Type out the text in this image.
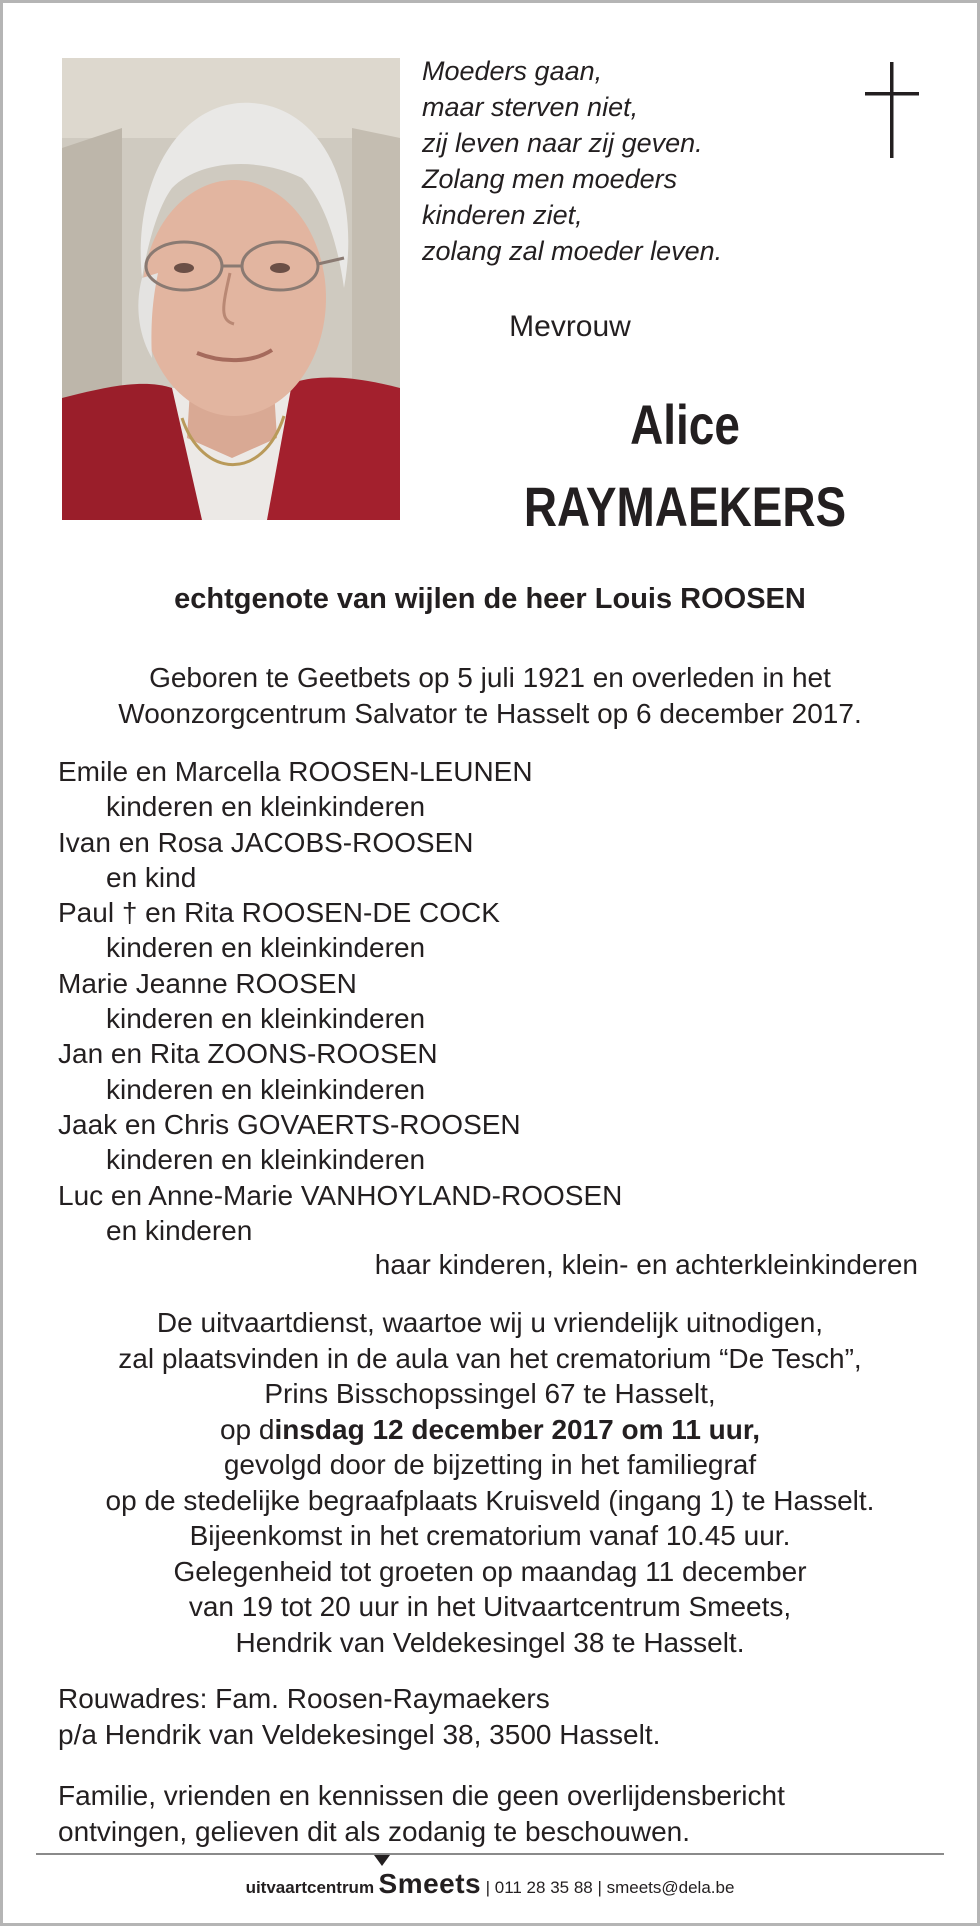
Moeders gaan,
maar sterven niet,
zij leven naar zij geven.
Zolang men moeders
kinderen ziet,
zolang zal moeder leven.
Mevrouw
Alice
RAYMAEKERS
echtgenote van wijlen de heer Louis ROOSEN
Geboren te Geetbets op 5 juli 1921 en overleden in het
Woonzorgcentrum Salvator te Hasselt op 6 december 2017.
Emile en Marcella ROOSEN-LEUNEN
kinderen en kleinkinderen
Ivan en Rosa JACOBS-ROOSEN
en kind
Paul † en Rita ROOSEN-DE COCK
kinderen en kleinkinderen
Marie Jeanne ROOSEN
kinderen en kleinkinderen
Jan en Rita ZOONS-ROOSEN
kinderen en kleinkinderen
Jaak en Chris GOVAERTS-ROOSEN
kinderen en kleinkinderen
Luc en Anne-Marie VANHOYLAND-ROOSEN
en kinderen
haar kinderen, klein- en achterkleinkinderen
De uitvaartdienst, waartoe wij u vriendelijk uitnodigen,
zal plaatsvinden in de aula van het crematorium “De Tesch”,
Prins Bisschopssingel 67 te Hasselt,
op dinsdag 12 december 2017 om 11 uur,
gevolgd door de bijzetting in het familiegraf
op de stedelijke begraafplaats Kruisveld (ingang 1) te Hasselt.
Bijeenkomst in het crematorium vanaf 10.45 uur.
Gelegenheid tot groeten op maandag 11 december
van 19 tot 20 uur in het Uitvaartcentrum Smeets,
Hendrik van Veldekesingel 38 te Hasselt.
Rouwadres: Fam. Roosen-Raymaekers
p/a Hendrik van Veldekesingel 38, 3500 Hasselt.
Familie, vrienden en kennissen die geen overlijdensbericht
ontvingen, gelieven dit als zodanig te beschouwen.
uitvaartcentrum Smeets | 011 28 35 88 | smeets@dela.be
